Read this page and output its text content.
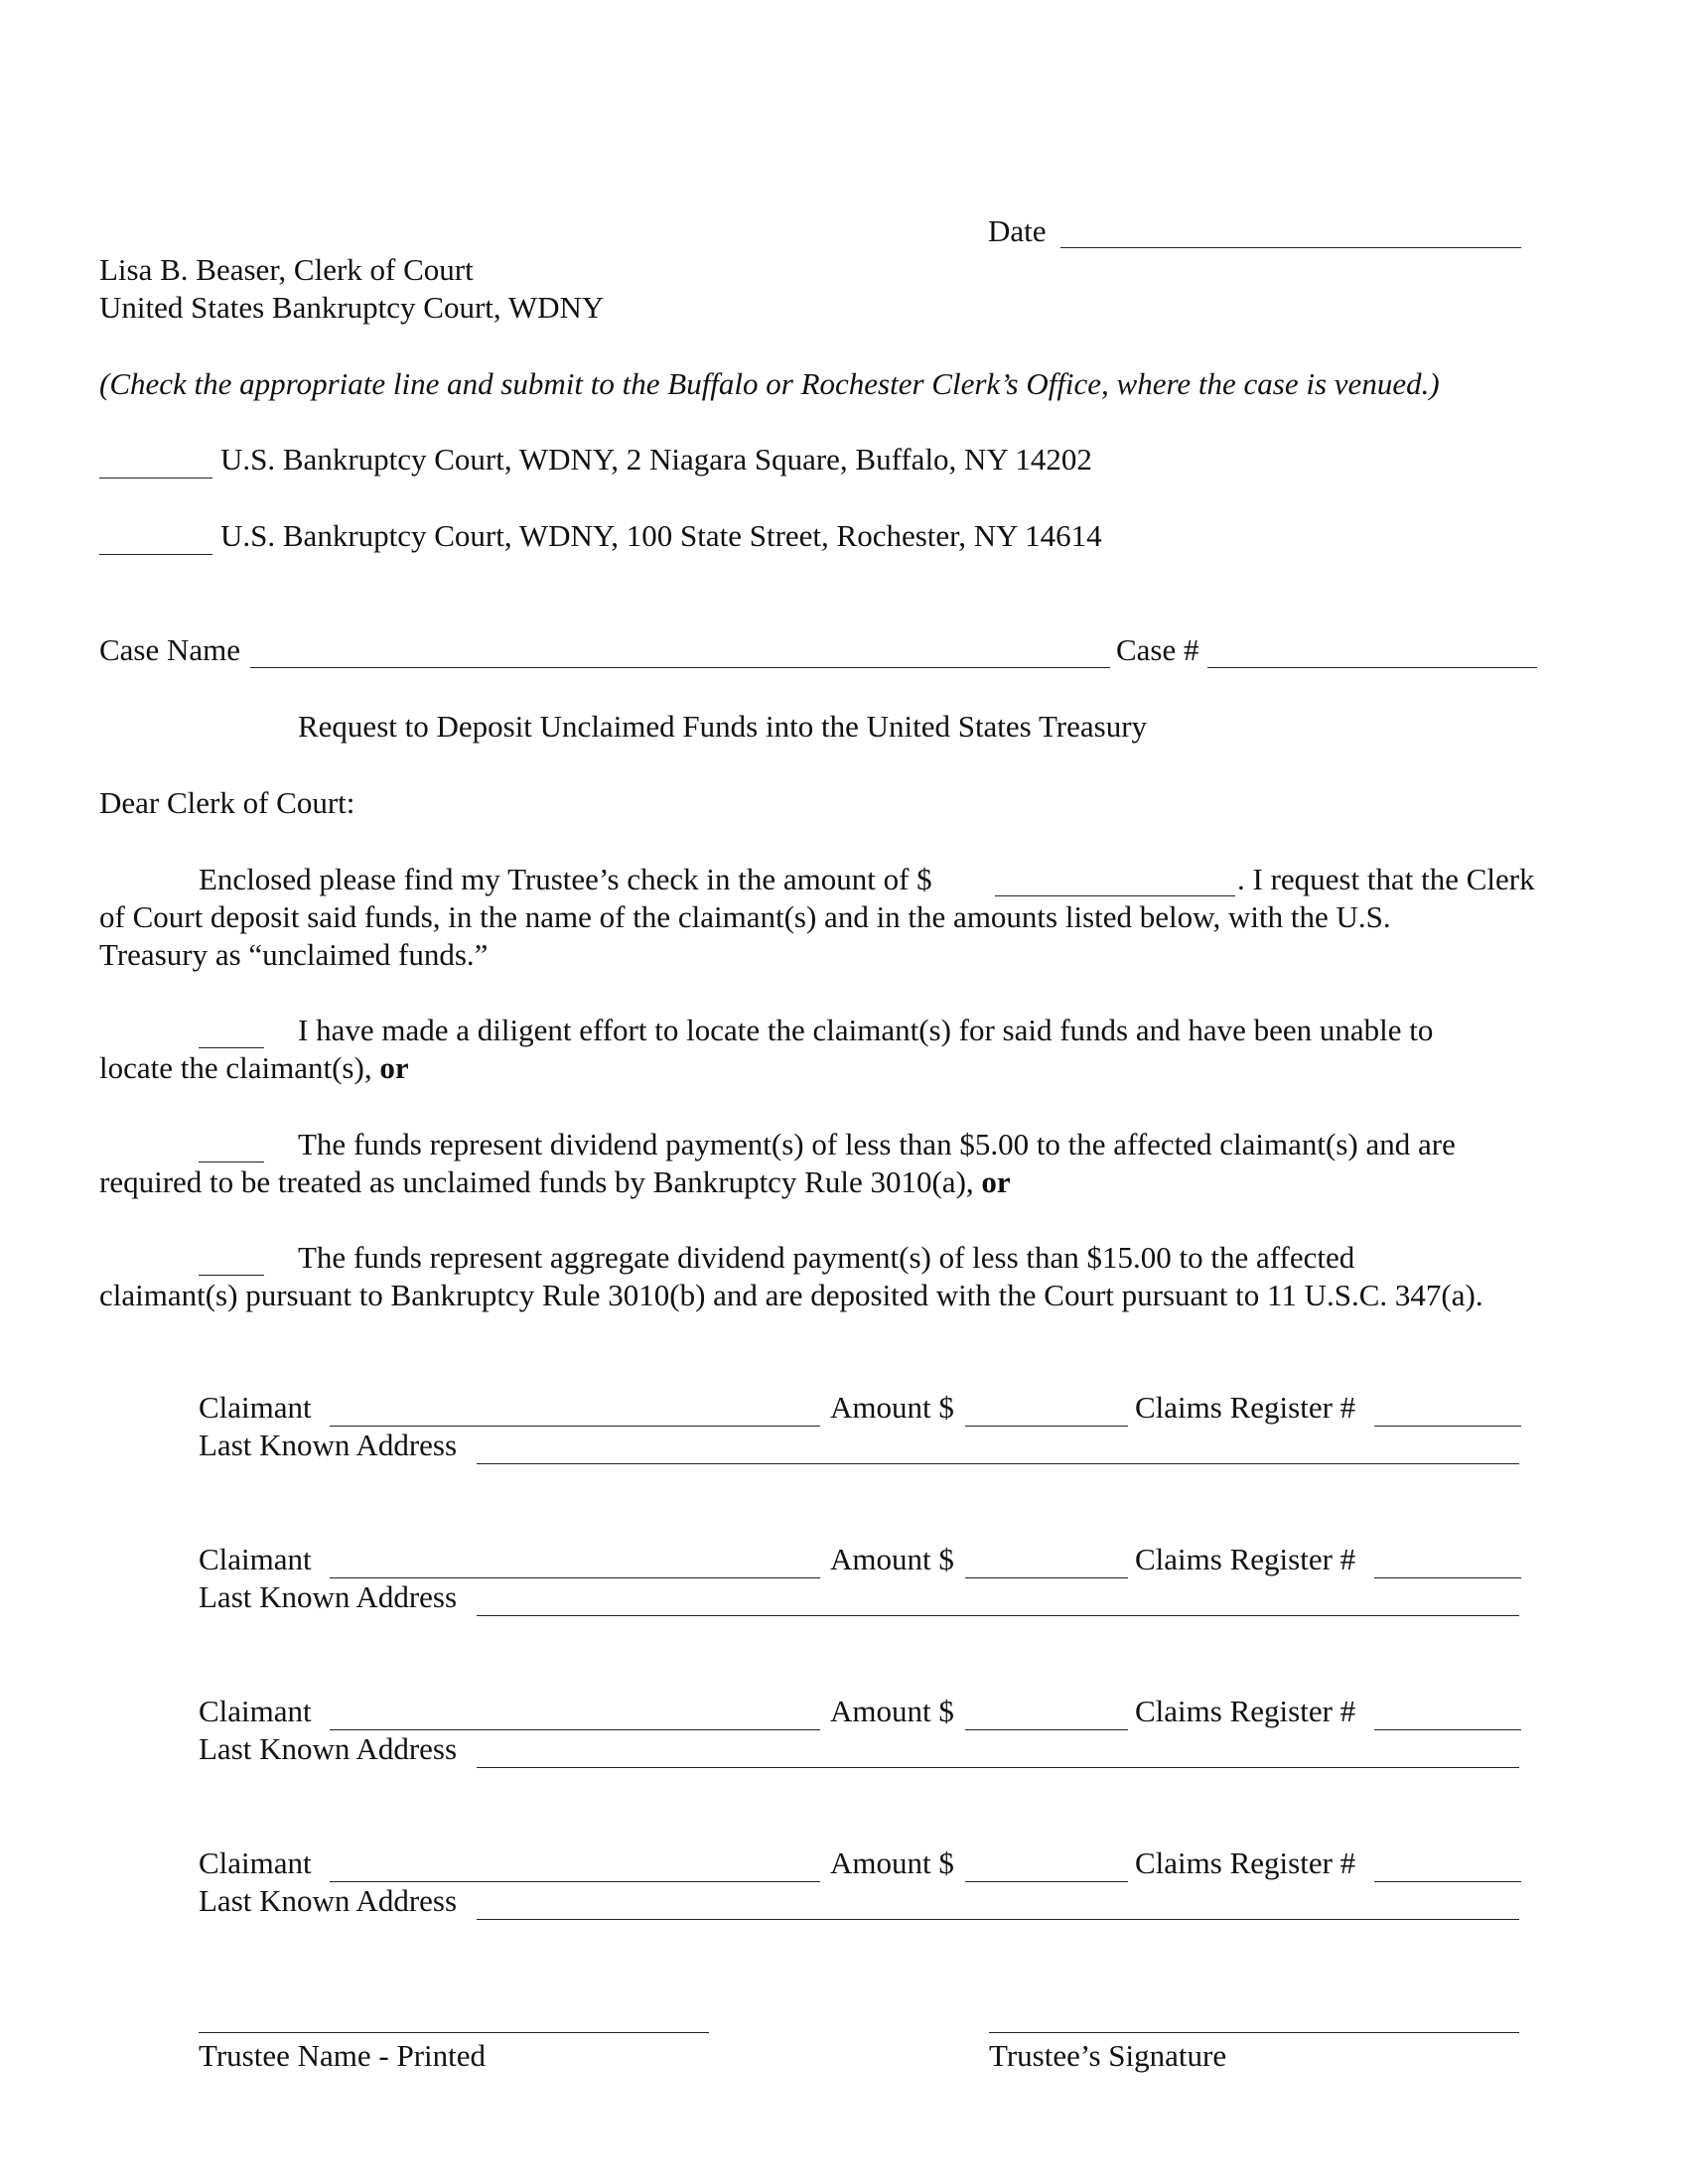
Date
Lisa B. Beaser, Clerk of Court
United States Bankruptcy Court, WDNY
(Check the appropriate line and submit to the Buffalo or Rochester Clerk’s Office, where the case is venued.)
U.S. Bankruptcy Court, WDNY, 2 Niagara Square, Buffalo, NY 14202
U.S. Bankruptcy Court, WDNY, 100 State Street, Rochester, NY 14614
Case Name	Case #
Request to Deposit Unclaimed Funds into the United States Treasury
Dear Clerk of Court:
Enclosed please find my Trustee’s check in the amount of $	. I request that the Clerk
of Court deposit said funds, in the name of the claimant(s) and in the amounts listed below, with the U.S.
Treasury as “unclaimed funds.”
I have made a diligent effort to locate the claimant(s) for said funds and have been unable to
locate the claimant(s), or
The funds represent dividend payment(s) of less than $5.00 to the affected claimant(s) and are
required to be treated as unclaimed funds by Bankruptcy Rule 3010(a), or
The funds represent aggregate dividend payment(s) of less than $15.00 to the affected
claimant(s) pursuant to Bankruptcy Rule 3010(b) and are deposited with the Court pursuant to 11 U.S.C. 347(a).
Claimant	Amount $	Claims Register #
Last Known Address
Claimant	Amount $	Claims Register #
Last Known Address
Claimant	Amount $	Claims Register #
Last Known Address
Claimant	Amount $	Claims Register #
Last Known Address
Trustee Name - Printed	Trustee’s Signature
